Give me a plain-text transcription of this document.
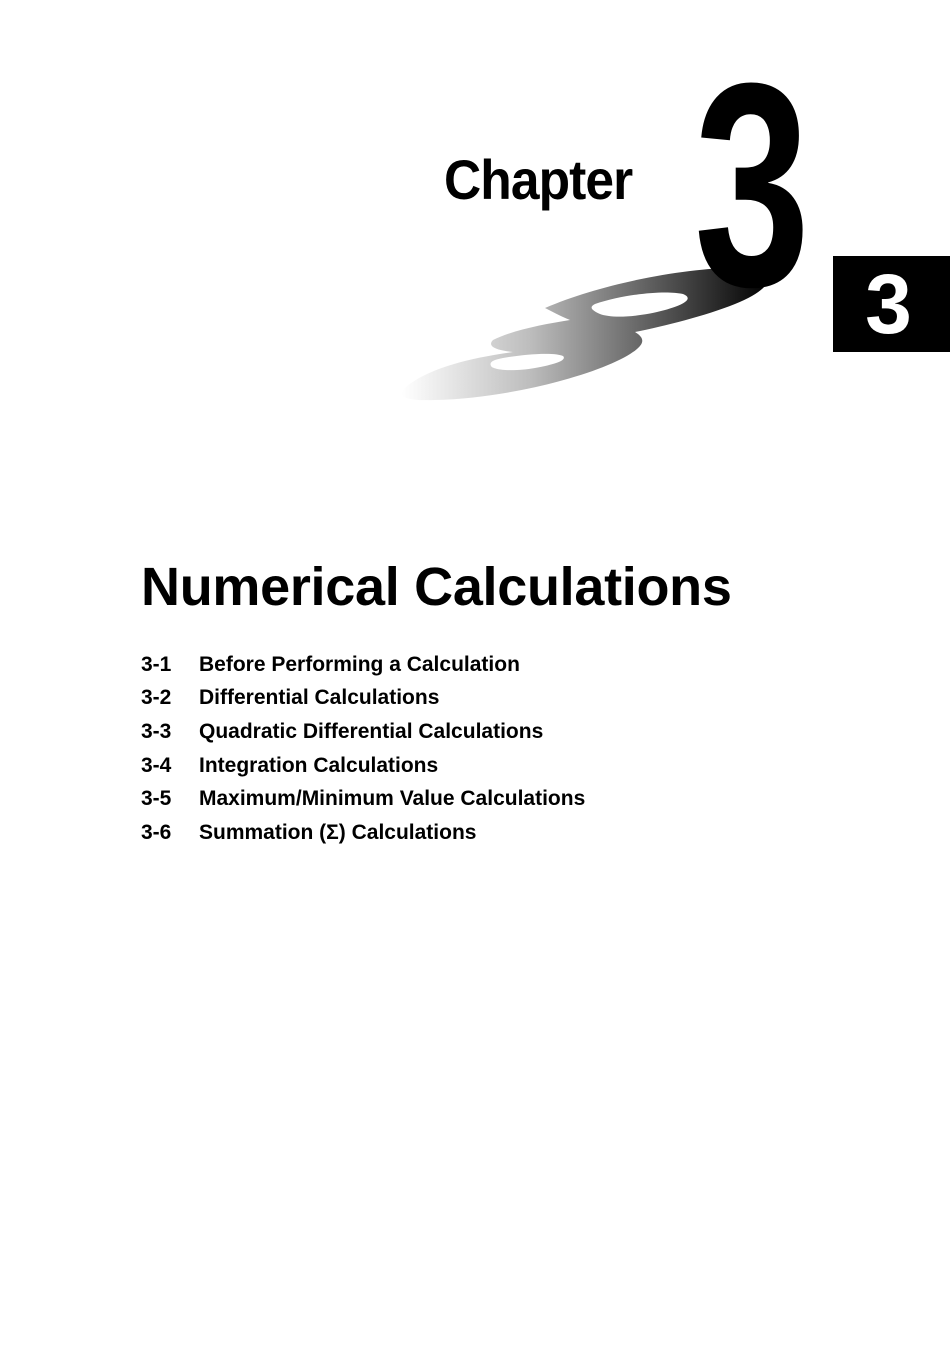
Chapter 3 3
Numerical Calculations
3-1	Before Performing a Calculation
3-2	Differential Calculations
3-3	Quadratic Differential Calculations
3-4	Integration Calculations
3-5	Maximum/Minimum Value Calculations
3-6	Summation (Σ) Calculations
